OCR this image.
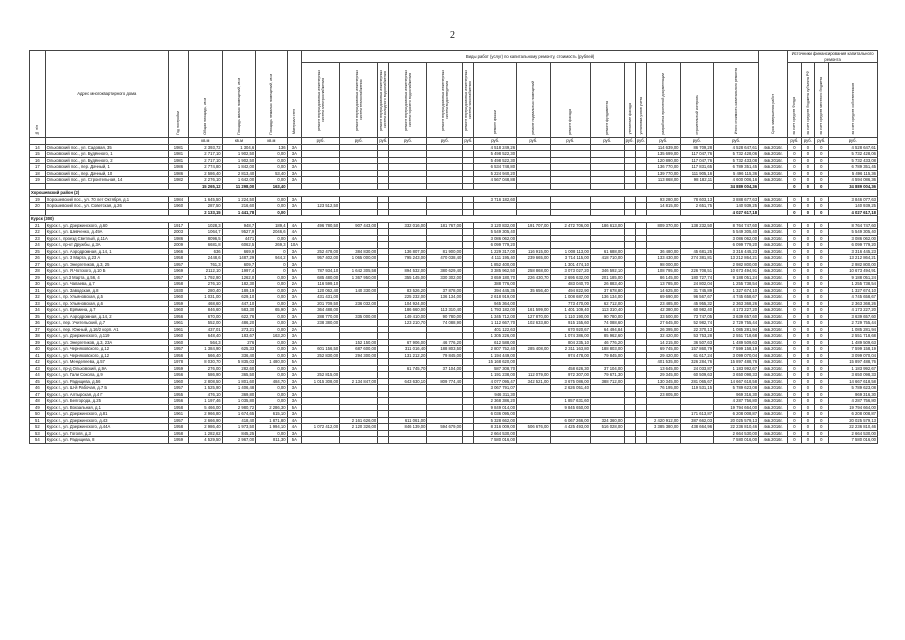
2
№ п/п	Адрес многоквартирного дома	Год постройки	Общая площадь, кв.м	Площадь жилых помещений, кв.м	Площадь нежилых помещений, кв.м	Материал стен	Виды работ (услуг) по капитальному ремонту, стоимость (рублей)															Срок завершения работ	Источники финансирования капитального ремонта			
							ремонт внутридомовых инженерных систем электроснабжения	ремонт внутридомовых инженерных систем теплоснабжения	ремонт внутридомовых инженерных систем холодного водоснабжения	ремонт внутридомовых инженерных систем горячего водоснабжения	ремонт внутридомовых инженерных систем водоотведения	ремонт внутридомовых инженерных систем газоснабжения	ремонт крыши	ремонт подвальных помещений	ремонт фасада	ремонт фундамента	утепление фасада	установка узлов учета	разработка проектной документации	строительный контроль	Итого стоимость капитального ремонта		за счет средств Фонда	за счет средств бюджета субъекта РФ	за счет средств местного бюджета	за счет средств собственников
			кв.м	кв.м	кв.м		руб.	руб.	руб.	руб.	руб.	руб.	руб.	руб.	руб.	руб.	руб.	руб.	руб.	руб.	руб.		руб.	руб.	руб.	руб.
14	Ольховский пос., ул. Садовая, 35	1981	2 393,72	1 304,6	136	3А							4 518 249,26						114 639,00	86 709,28	4 528 647,61	4кв.2016г.	0	0	0	4 528 647,61
15	Ольховский пос., ул. Будённого, 1	1981	2 717,10	1 902,50	0,00	3А							5 498 522,30						135 699,00	117 047,76	5 732 428,06	4кв.2016г.	0	0	0	5 732 428,06
16	Ольховский пос., ул. Будённого, 2	1981	2 717,10	1 902,50	0,00	3А							5 498 522,30						120 890,00	117 047,76	5 732 433,08	4кв.2016г.	0	0	0	5 732 433,08
17	Ольховский пос., пер. Дачный, 1	1986	2 774,80	1 842,00	0,00	3А							6 534 748,80						136 770,00	117 831,65	6 789 351,45	4кв.2016г.	0	0	0	6 789 351,45
18	Ольховский пос., пер. Дачный, 10	1986	2 586,40	2 813,40	53,40	3А							5 224 940,20						139 770,00	111 905,16	5 496 115,36	4кв.2016г.	0	0	0	5 496 115,36
19	Ольховский пос., ул. Строительная, 14	1982	2 276,10	1 642,00	0,00	3А							4 567 048,88						113 868,00	98 182,11	4 600 006,16	4кв.2016г.	0	0	0	4 594 086,36
			15 265,12	11 298,00	163,40																34 889 004,36		0	0	0	34 889 004,36
Хорошевский район (2)																										
19	Хорошевский пос., ул. 70 лет Октября, д.1	1984	1 645,50	1 224,50	0,00	3А							3 716 182,60						93 280,00	78 603,13	3 888 677,63	4кв.2016г.	0	0	0	3 846 077,63
20	Хорошевский пос., ул. Советская, д.26	1960	287,50	216,60	0,00	3А	123 512,50												14 815,00	2 651,75	140 939,25	4кв.2016г.	0	0	0	140 939,25
			2 133,15	1 441,78	0,00																4 027 617,18		0	0	0	4 027 617,18
Курск (300)																										
21	Курск г., ул. Дзержинского, д.60	1917	1028,3	948,7	189,4	4А	496 780,50	907 443,00		332 016,00	181 767,00		3 120 832,00	191 707,00	2 472 706,00	186 613,00			809 370,00	138 232,50	8 764 747,60	4кв.2016г.	0	0	0	8 764 747,60
22	Курск г., ул. Шевченко, д.49А	2003	1064,7	9527,9	2046,6	4А							5 549 305,40								5 549 305,40	4кв.2016г.	0	0	0	5 549 305,40
23	Курск г., проезд Светлый, д.11А	1986	8096,5	4471	0,00	4А							3 086 062,00								3 086 062,00	4кв.2016г.	0	0	0	3 086 062,00
24	Курск г., пр-кт Дружбы, д.3А	2009	6681,8	6062,5	269,3	10А							6 099 779,20								6 099 779,20	4кв.2016г.	0	0	0	6 099 779,20
25	Курск г., ул. Аэродромная, д.14, 1	1966	636	669,9	0	3А	252 478,00	384 830,00		136 807,00	81 900,00		1 229 317,00	116 915,00	1 008 113,00	61 688,00			36 480,00	45 681,25	3 316 445,23	4кв.2016г.	0	0	0	3 316 445,23
26	Курск г., ул. 3 Марта, д.23 А	1958	2448,6	1487,29	944,2	5А	957 402,00	1 065 000,00		795 243,00	470 038,40		4 111 195,40	239 665,00	3 714 115,00	418 710,00			133 430,00	274 381,81	13 212 864,21	4кв.2016г.	0	0	0	13 212 864,21
27	Курск г., ул. Энергетиков, д.3, 25	1957	761,3	609,7	0	3А							1 852 400,00		1 301 474,10				98 000,00		2 982 800,00	4кв.2016г.	0	0	0	2 982 800,00
28	Курск г., ул. Я.Чотского, д.10 Б	1969	2112,10	1997,4	0	5А	787 934,10	1 642 305,58		894 532,00	380 629,40		3 385 962,50	258 868,00	3 073 027,20	346 592,10			108 795,00	226 708,51	10 673 494,91	4кв.2016г.	0	0	0	10 673 494,91
29	Курск г., ул.3 Марта, д.56, 4	1957	1 792,90	1262,0	0,00	3А	685 480,00	1 367 950,00		355 145,00	330 302,00		3 659 180,70	226 430,70	2 695 632,00	201 185,00			86 145,00	180 727,74	9 188 051,24	4кв.2016г.	0	0	0	9 188 051,24
30	Курск г., ул. Чапаева, д.7	1958	276,10	182,30	0,00	2А	116 599,10						388 776,00		483 040,70	26 883,40			13 785,00	24 802,04	1 255 738,54	4кв.2016г.	0	0	0	1 255 738,54
31	Курск г., ул. Заводская, д.8	1930	280,40	189,19	0,00	2А	120 062,40	140 330,00		83 526,20	37 878,00		394 445,35	35 656,40	494 822,90	37 678,80			14 625,00	31 745,89	1 327 674,10	4кв.2016г.	0	0	0	1 327 674,10
32	Курск г., пр. Ульяновская, д.5	1960	1 031,00	629,10	0,00	3А	431 431,00			225 232,00	136 134,00		2 618 919,00		1 008 687,00	136 134,00			69 690,00	96 567,67	4 745 658,67	4кв.2016г.	0	0	0	4 745 658,67
33	Курск г., пр. Ульяновская, д.6	1959	468,60	447,10	0,00	3А	201 709,50	236 032,00		104 924,00			945 364,00		773 470,00	62 712,00			23 485,00	45 955,32	2 363 368,26	4кв.2016г.	0	0	0	2 363 368,26
34	Курск г., ул. Ерёмина, д.7	1960	846,60	583,30	65,90	3А	364 488,00			186 660,00	113 310,40		1 793 182,00	161 599,00	1 401 109,40	113 310,40			42 380,00	60 982,40	4 173 227,20	4кв.2016г.	0	0	0	4 173 227,20
35	Курск г., ул. Аэродромная, д.14, 2	1956	670,00	622,76	0,00	3А	288 770,00	335 000,00		149 410,00	90 780,00		1 345 712,00	127 870,00	1 110 190,00	90 780,00			33 500,00	73 747,05	3 639 657,60	4кв.2016г.	0	0	0	3 639 657,60
36	Курск г., пер. Учительский, д.7	1961	552,00	486,20	0,00	3А	238 380,00			123 210,70	74 088,90		1 112 667,70	102 633,80	915 155,60	74 088,60			27 645,00	52 982,74	2 729 755,44	4кв.2016г.	0	0	0	2 729 755,44
37	Курск г., пер. Южный, д.16/2 корп. А1	1961	437,01	273,21	0,00	2А							401 122,63		670 920,67	64 494,84			26 395,00	22 370,13	1 085 281,94	4кв.2016г.	0	0	0	1 085 281,94
38	Курск г., ул. Дзержинского, д.119	1960	648,40	183,67	163,20	3А							1 305 226,00		1 074 386,00	85 962,60			32 420,00	53 753,28	2 551 718,68	4кв.2016г.	0	0	0	2 551 718,68
39	Курск г., ул. Энергетиков, д.3, 23А	1960	564,3	276	0,00	3А		152 150,00		67 906,00	46 776,20		612 588,00		804 235,10	46 776,20			14 215,00	36 507,63	1 489 509,63	4кв.2016г.	0	0	0	1 489 509,63
40	Курск г., ул. Черняховского, д.12	1957	1 384,90	625,33	0,00	3А	601 156,50	687 600,00		311 016,40	188 803,50		2 807 752,40	285 408,00	2 311 163,80	188 803,00			69 745,00	157 860,79	7 599 158,19	4кв.2016г.	0	0	0	7 599 158,19
41	Курск г., ул. Черняховского, д.12	1956	566,40	336,40	0,00	3А	252 830,00	294 300,00		131 212,20	79 845,00		1 194 449,00		974 478,00	79 845,00			29 420,00	61 617,24	3 099 070,04	4кв.2016г.	0	0	0	3 099 070,04
42	Курск г., ул. Менделеева, д.57	1978	8 030,70	5 835,03	1 480,00	5А							15 168 620,00						401 535,00	326 284,76	15 897 488,76	4кв.2016г.	0	0	0	15 897 488,76
43	Курск г., пр-д Ольховский, д.9А	1959	276,00	282,60	0,00	3А				61 745,70	37 104,00		587 308,70		458 626,30	37 104,00			13 645,00	24 033,87	1 183 992,67	4кв.2016г.	0	0	0	1 183 992,67
44	Курск г., ул. Гали Сокола, д.9	1956	586,90	365,50	0,00	3А	252 815,00						1 191 238,00	112 079,00	972 307,00	79 671,30			29 345,00	60 509,63	3 650 098,33	4кв.2016г.	0	0	0	3 650 098,33
45	Курск г., ул. Радищева, д.56	1960	2 808,50	1 801,60	484,70	3А	1 015 308,00	2 134 847,00		643 630,10	809 774,40		4 077 095,47	342 521,00	3 675 086,00	388 712,00			130 345,00	281 065,67	14 667 618,58	4кв.2016г.	0	0	0	14 667 618,58
46	Курск г., ул. Ш-й Рабочая, д.7 Б	1957	1 525,90	1 406,48	0,00	3А							3 067 791,07		2 626 051,40				76 195,00	119 531,15	5 789 623,08	4кв.2016г.	0	0	0	5 789 623,08
47	Курск г., ул. Алтырская, д.4 Г	1955	476,10	369,80	0,00	3А							946 311,30						23 805,00		969 316,30	4кв.2016г.	0	0	0	969 316,30
48	Курск г., ул. Белгорода, д.25	1956	1 197,46	1 035,80	0,00	3А							2 368 386,20		1 857 631,60						4 287 756,80	4кв.2016г.	0	0	0	4 287 756,80
49	Курск г., ул. Вокзальная, д.1	1958	5 466,00	2 980,72	2 286,30	5А							9 849 014,00		9 845 650,00						19 794 664,00	4кв.2016г.	0	0	0	19 794 664,00
50	Курск г., ул. Дзержинского, д.81	1961	2 966,80	1 674,65	615,10	3А							6 036 095,00							171 613,87	6 208 008,87	4кв.2016г.	0	0	0	6 208 008,87
51	Курск г., ул. Дзержинского, д.43	1957	2 666,90	418,40	1 871,80	4А		2 161 626,00		611 061,00			5 328 662,00		6 067 266,00	324 360,00			2 420 912,00	387 662,03	20 025 579,13	4кв.2016г.	0	0	0	20 025 579,13
52	Курск г., ул. Дзержинского, д.44А	1958	2 986,40	1 973,50	1 994,10	4А	1 072 412,00	2 120 326,00		846 139,00	594 679,00		8 316 009,00	506 676,00	4 425 493,00	516 028,00			3 385 380,00	438 664,96	22 236 810,46	4кв.2016г.	0	0	0	22 236 810,46
53	Курск г., ул. Гоголя, д.3	1958	1 282,62	845,25	0,00	3А							2 664 530,00								2 664 530,00	4кв.2016г.	0	0	0	2 664 530,00
54	Курск г., ул. Радищева, 8	1959	4 529,50	2 967,00	811,30	5А							7 580 016,00								7 580 016,00	4кв.2016г.	0	0	0	7 580 016,00
